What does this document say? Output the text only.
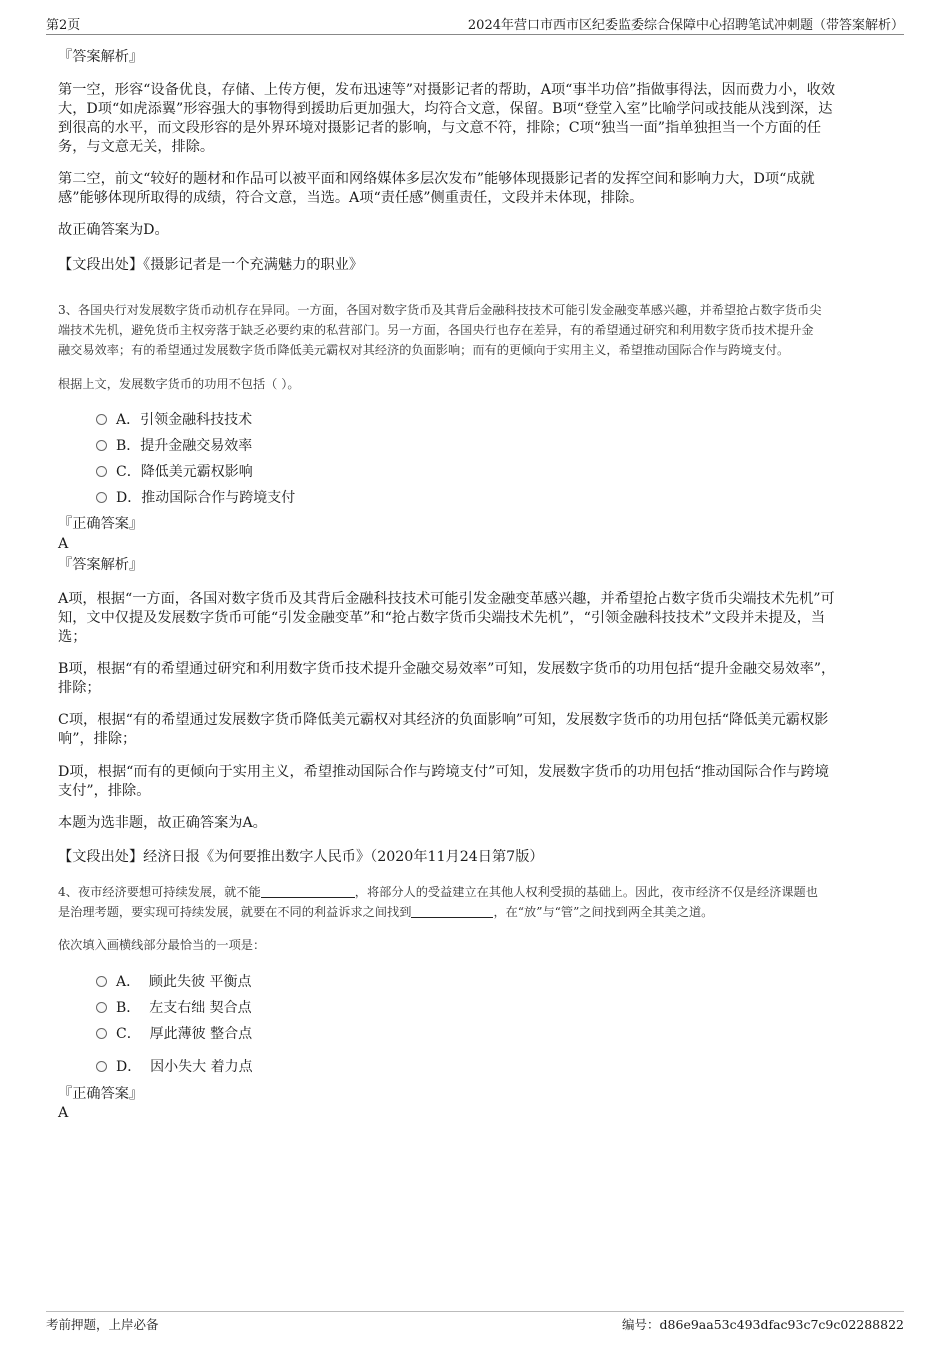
第2页	2024年营口市西市区纪委监委综合保障中心招聘笔试冲刺题（带答案解析）
『答案解析』
第一空，形容“设备优良，存储、上传方便，发布迅速等”对摄影记者的帮助，A项“事半功倍”指做事得法，因而费力小，收效
大，D项“如虎添翼”形容强大的事物得到援助后更加强大，均符合文意，保留。B项“登堂入室”比喻学问或技能从浅到深，达
到很高的水平，而文段形容的是外界环境对摄影记者的影响，与文意不符，排除；C项“独当一面”指单独担当一个方面的任
务，与文意无关，排除。
第二空，前文“较好的题材和作品可以被平面和网络媒体多层次发布”能够体现摄影记者的发挥空间和影响力大，D项“成就
感”能够体现所取得的成绩，符合文意，当选。A项“责任感”侧重责任，文段并未体现，排除。
故正确答案为D。
【文段出处】《摄影记者是一个充满魅力的职业》
3、各国央行对发展数字货币动机存在异同。一方面，各国对数字货币及其背后金融科技技术可能引发金融变革感兴趣，并希望抢占数字货币尖
端技术先机，避免货币主权旁落于缺乏必要约束的私营部门。另一方面，各国央行也存在差异，有的希望通过研究和利用数字货币技术提升金
融交易效率；有的希望通过发展数字货币降低美元霸权对其经济的负面影响；而有的更倾向于实用主义，希望推动国际合作与跨境支付。
根据上文，发展数字货币的功用不包括（ ）。
A．引领金融科技技术
B．提升金融交易效率
C．降低美元霸权影响
D．推动国际合作与跨境支付
『正确答案』
A
『答案解析』
A项，根据“一方面，各国对数字货币及其背后金融科技技术可能引发金融变革感兴趣，并希望抢占数字货币尖端技术先机”可
知，文中仅提及发展数字货币可能“引发金融变革”和“抢占数字货币尖端技术先机”，“引领金融科技技术”文段并未提及，当
选；
B项，根据“有的希望通过研究和利用数字货币技术提升金融交易效率”可知，发展数字货币的功用包括“提升金融交易效率”，
排除；
C项，根据“有的希望通过发展数字货币降低美元霸权对其经济的负面影响”可知，发展数字货币的功用包括“降低美元霸权影
响”，排除；
D项，根据“而有的更倾向于实用主义，希望推动国际合作与跨境支付”可知，发展数字货币的功用包括“推动国际合作与跨境
支付”，排除。
本题为选非题，故正确答案为A。
【文段出处】经济日报《为何要推出数字人民币》（2020年11月24日第7版）
4、夜市经济要想可持续发展，就不能	，将部分人的受益建立在其他人权利受损的基础上。因此，夜市经济不仅是经济课题也
是治理考题，要实现可持续发展，就要在不同的利益诉求之间找到	，在“放”与“管”之间找到两全其美之道。
依次填入画横线部分最恰当的一项是：
A． 顾此失彼 平衡点
B． 左支右绌 契合点
C． 厚此薄彼 整合点
D． 因小失大 着力点
『正确答案』
A
考前押题，上岸必备	编号：d86e9aa53c493dfac93c7c9c02288822
